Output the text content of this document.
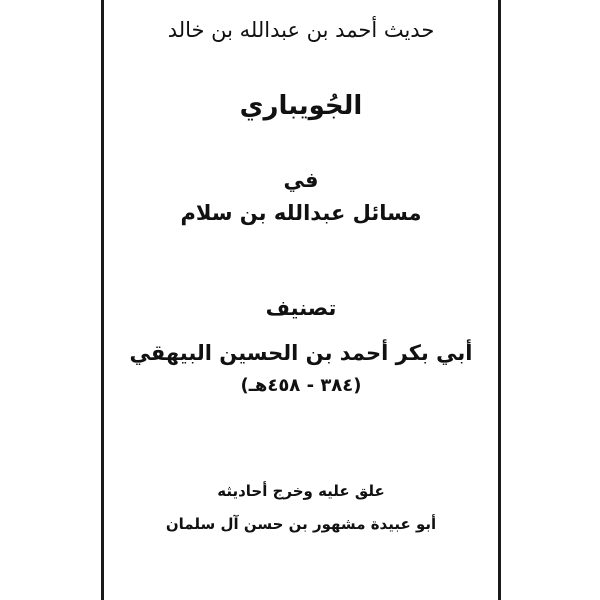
حديث أحمد بن عبدالله بن خالد
الجُويباري
في
مسائل عبدالله بن سلام
تصنيف
أبي بكر أحمد بن الحسين البيهقي
(٣٨٤ - ٤٥٨هـ)
علق عليه وخرج أحاديثه
أبو عبيدة مشهور بن حسن آل سلمان
